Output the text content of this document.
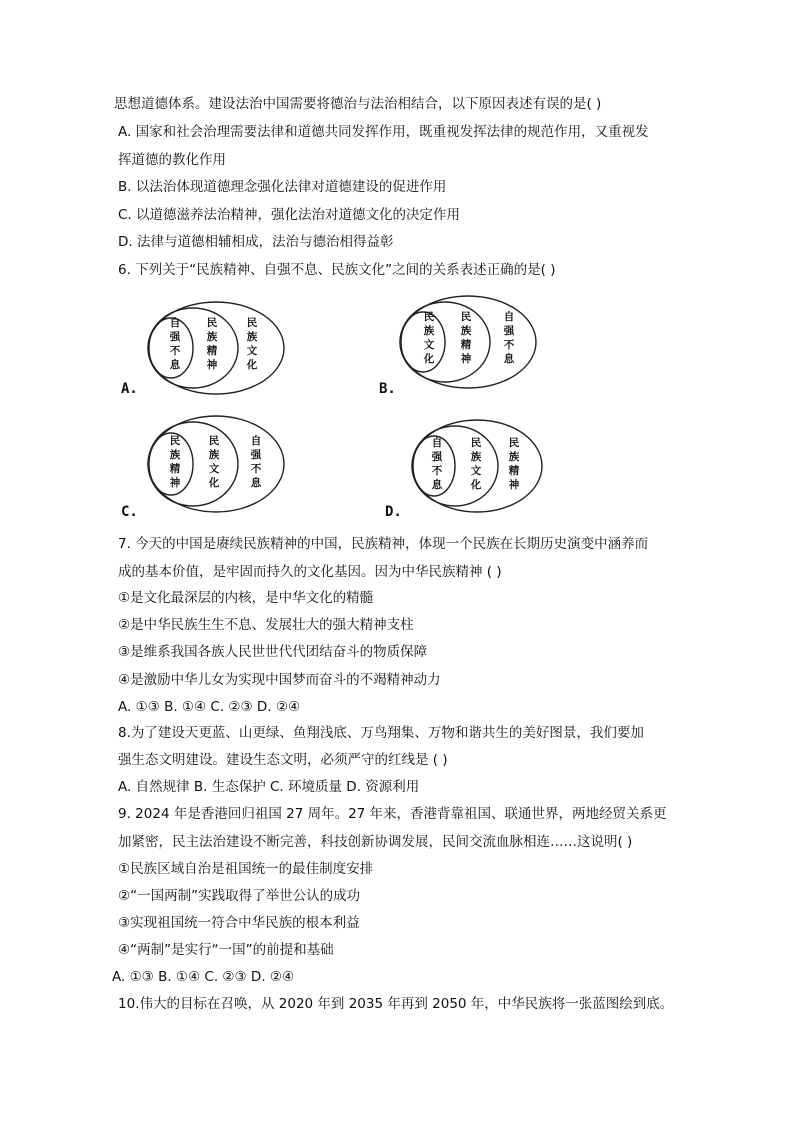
思想道德体系。建设法治中国需要将德治与法治相结合，以下原因表述有误的是( )
A. 国家和社会治理需要法律和道德共同发挥作用，既重视发挥法律的规范作用，又重视发
挥道德的教化作用
B. 以法治体现道德理念强化法律对道德建设的促进作用
C. 以道德滋养法治精神，强化法治对道德文化的决定作用
D. 法律与道德相辅相成，法治与德治相得益彰
6. 下列关于“民族精神、自强不息、民族文化”之间的关系表述正确的是( )
自强不息
民族精神
民族文化
A.
民族文化
民族精神
自强不息
B.
民族精神
民族文化
自强不息
C.
自强不息
民族文化
民族精神
D.
7. 今天的中国是赓续民族精神的中国，民族精神，体现一个民族在长期历史演变中涵养而
成的基本价值，是牢固而持久的文化基因。因为中华民族精神 ( )
①是文化最深层的内核，是中华文化的精髓
②是中华民族生生不息、发展壮大的强大精神支柱
③是维系我国各族人民世世代代团结奋斗的物质保障
④是激励中华儿女为实现中国梦而奋斗的不竭精神动力
A. ①③ B. ①④ C. ②③ D. ②④
8.为了建设天更蓝、山更绿、鱼翔浅底、万鸟翔集、万物和谐共生的美好图景，我们要加
强生态文明建设。建设生态文明，必须严守的红线是 ( )
A. 自然规律 B. 生态保护 C. 环境质量 D. 资源利用
9. 2024 年是香港回归祖国 27 周年。27 年来，香港背靠祖国、联通世界，两地经贸关系更
加紧密，民主法治建设不断完善，科技创新协调发展，民间交流血脉相连……这说明( )
①民族区域自治是祖国统一的最佳制度安排
②“一国两制”实践取得了举世公认的成功
③实现祖国统一符合中华民族的根本利益
④“两制”是实行“一国”的前提和基础
A. ①③ B. ①④ C. ②③ D. ②④
10.伟大的目标在召唤，从 2020 年到 2035 年再到 2050 年，中华民族将一张蓝图绘到底。
